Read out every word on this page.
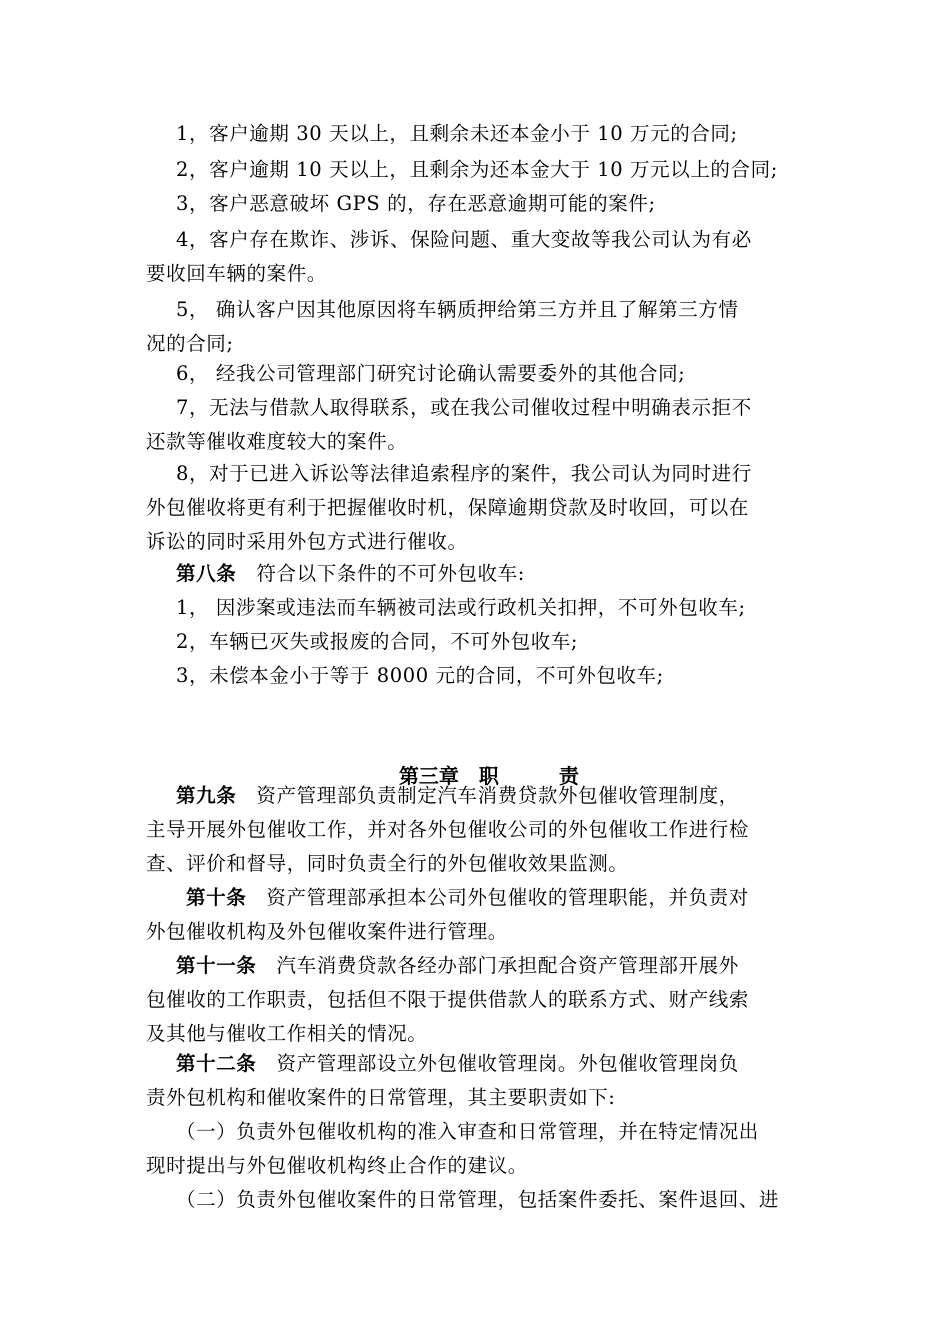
1，客户逾期 30 天以上，且剩余未还本金小于 10 万元的合同;
2，客户逾期 10 天以上，且剩余为还本金大于 10 万元以上的合同;
3，客户恶意破坏 GPS 的，存在恶意逾期可能的案件;
4，客户存在欺诈、涉诉、保险问题、重大变故等我公司认为有必
要收回车辆的案件。
5， 确认客户因其他原因将车辆质押给第三方并且了解第三方情
况的合同;
6， 经我公司管理部门研究讨论确认需要委外的其他合同;
7，无法与借款人取得联系，或在我公司催收过程中明确表示拒不
还款等催收难度较大的案件。
8，对于已进入诉讼等法律追索程序的案件，我公司认为同时进行
外包催收将更有利于把握催收时机，保障逾期贷款及时收回，可以在
诉讼的同时采用外包方式进行催收。
第八条  符合以下条件的不可外包收车:
1， 因涉案或违法而车辆被司法或行政机关扣押，不可外包收车;
2，车辆已灭失或报废的合同，不可外包收车;
3，未偿本金小于等于 8000 元的合同，不可外包收车;

第三章  职   	责

第九条  资产管理部负责制定汽车消费贷款外包催收管理制度，
主导开展外包催收工作，并对各外包催收公司的外包催收工作进行检
查、评价和督导，同时负责全行的外包催收效果监测。
第十条  资产管理部承担本公司外包催收的管理职能，并负责对
外包催收机构及外包催收案件进行管理。
第十一条  汽车消费贷款各经办部门承担配合资产管理部开展外
包催收的工作职责，包括但不限于提供借款人的联系方式、财产线索
及其他与催收工作相关的情况。
第十二条  资产管理部设立外包催收管理岗。外包催收管理岗负
责外包机构和催收案件的日常管理，其主要职责如下:
（一）负责外包催收机构的准入审查和日常管理，并在特定情况出
现时提出与外包催收机构终止合作的建议。
（二）负责外包催收案件的日常管理，包括案件委托、案件退回、进
